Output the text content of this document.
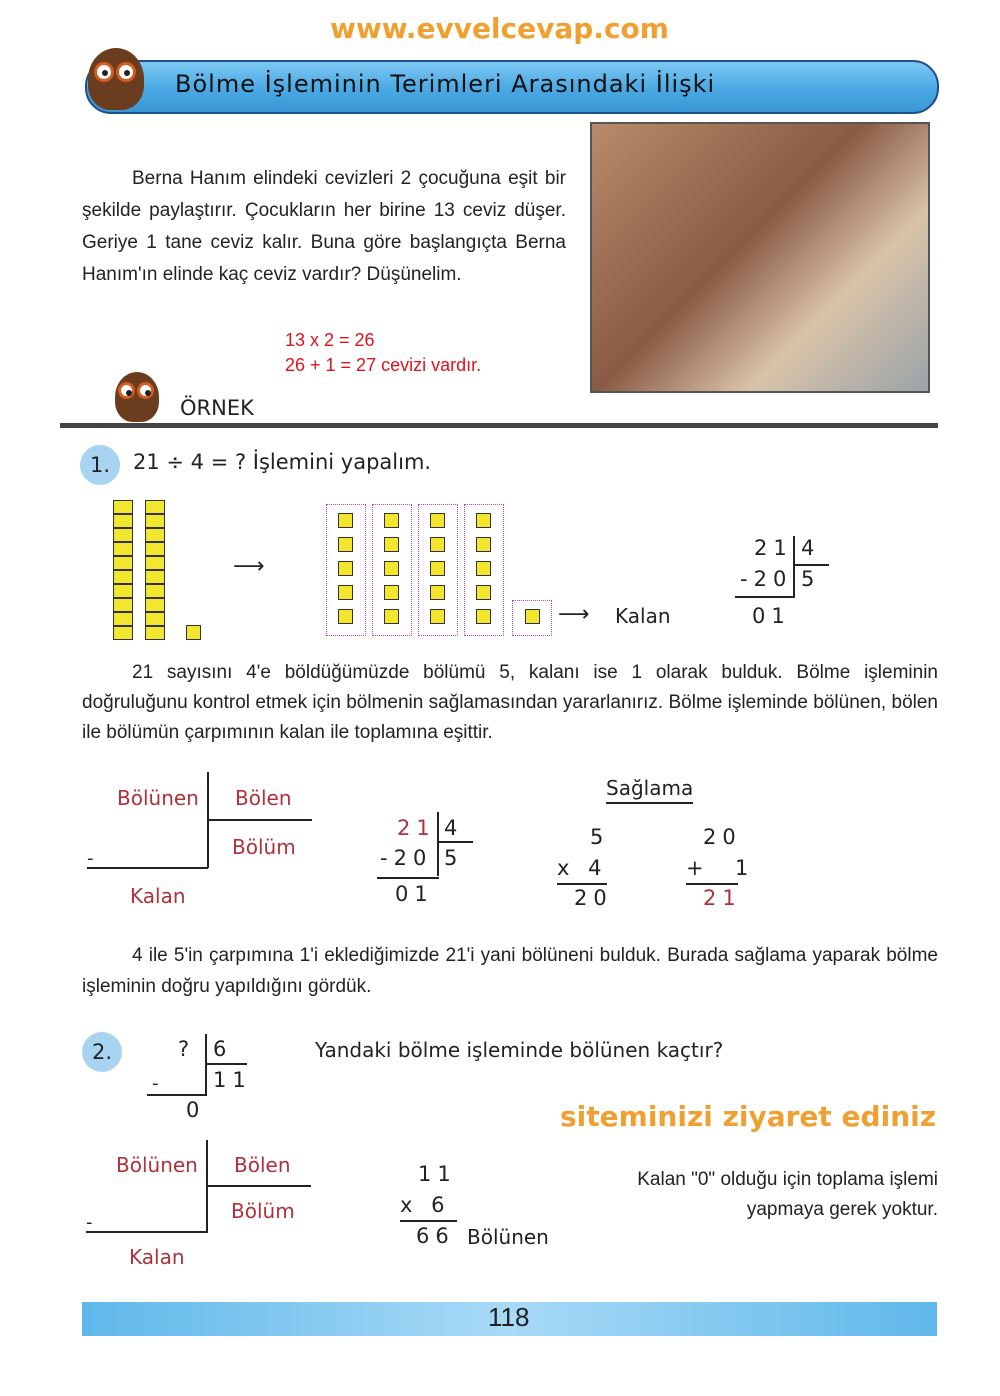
www.evvelcevap.com
Bölme İşleminin Terimleri Arasındaki İlişki
Berna Hanım elindeki cevizleri 2 çocuğuna eşit bir şekilde paylaştırır. Çocukların her birine 13 ceviz düşer. Geriye 1 tane ceviz kalır. Buna göre başlangıçta Berna Hanım'ın elinde kaç ceviz vardır? Düşünelim.
13 x 2 = 26
26 + 1 = 27 cevizi vardır.
ÖRNEK
1.	21 ÷ 4 = ? İşlemini yapalım.
⟶
⟶ Kalan
21 4
-20 5
01
21 sayısını 4'e böldüğümüzde bölümü 5, kalanı ise 1 olarak bulduk. Bölme işleminin doğruluğunu kontrol etmek için bölmenin sağlamasından yararlanırız. Bölme işleminde bölünen, bölen ile bölümün çarpımının kalan ile toplamına eşittir.
Bölünen Bölen
Bölüm
Kalan
-
21 4
-20 5
01
Sağlama
5
x 4
20
20
+ 1
21
4 ile 5'in çarpımına 1'i eklediğimizde 21'i yani bölüneni bulduk. Burada sağlama yaparak bölme işleminin doğru yapıldığını gördük.
2.	? 6
11
0
-
Yandaki bölme işleminde bölünen kaçtır?
siteminizi ziyaret ediniz
Bölünen Bölen
Bölüm
Kalan
-
11
x 6
66 Bölünen
Kalan "0" olduğu için toplama işlemi yapmaya gerek yoktur.
118
